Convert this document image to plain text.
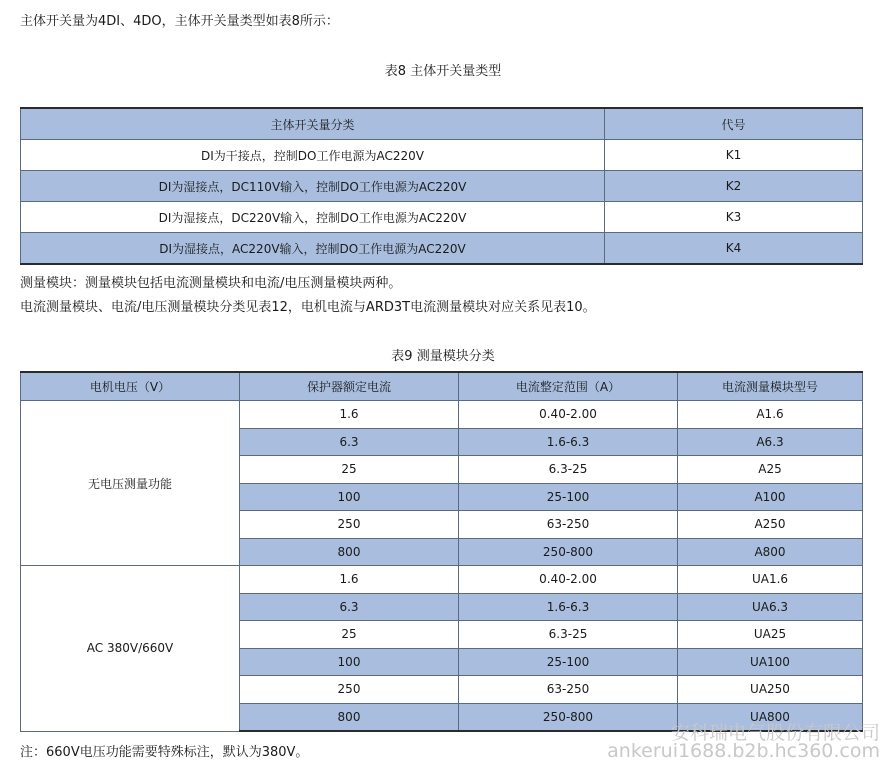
主体开关量为4DI、4DO，主体开关量类型如表8所示：
表8 主体开关量类型
主体开关量分类	代号
DI为干接点，控制DO工作电源为AC220V	K1
DI为湿接点，DC110V输入，控制DO工作电源为AC220V	K2
DI为湿接点，DC220V输入，控制DO工作电源为AC220V	K3
DI为湿接点，AC220V输入，控制DO工作电源为AC220V	K4
测量模块：测量模块包括电流测量模块和电流/电压测量模块两种。
电流测量模块、电流/电压测量模块分类见表12，电机电流与ARD3T电流测量模块对应关系见表10。
表9 测量模块分类
电机电压（V）	保护器额定电流	电流整定范围（A）	电流测量模块型号
无电压测量功能	1.6	0.40-2.00	A1.6
	6.3	1.6-6.3	A6.3
	25	6.3-25	A25
	100	25-100	A100
	250	63-250	A250
	800	250-800	A800
AC 380V/660V	1.6	0.40-2.00	UA1.6
	6.3	1.6-6.3	UA6.3
	25	6.3-25	UA25
	100	25-100	UA100
	250	63-250	UA250
	800	250-800	UA800
注：660V电压功能需要特殊标注，默认为380V。
安科瑞电气股份有限公司
ankerui1688.b2b.hc360.com
